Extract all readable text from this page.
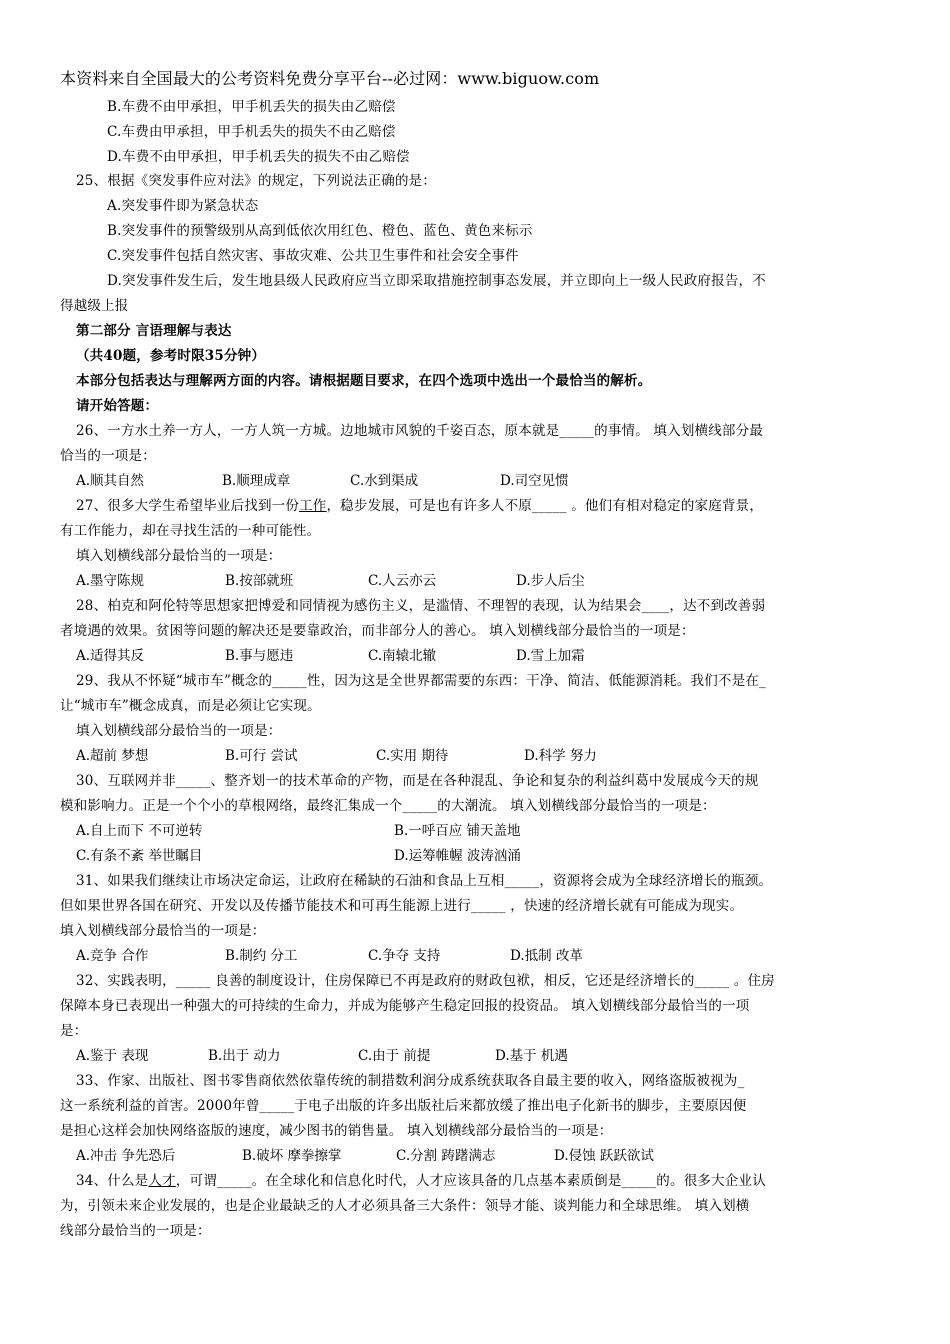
本资料来自全国最大的公考资料免费分享平台--必过网：www.biguow.com
B.车费不由甲承担，甲手机丢失的损失由乙赔偿
C.车费由甲承担，甲手机丢失的损失不由乙赔偿
D.车费不由甲承担，甲手机丢失的损失不由乙赔偿
25、根据《突发事件应对法》的规定，下列说法正确的是：
A.突发事件即为紧急状态
B.突发事件的预警级别从高到低依次用红色、橙色、蓝色、黄色来标示
C.突发事件包括自然灾害、事故灾难、公共卫生事件和社会安全事件
D.突发事件发生后，发生地县级人民政府应当立即采取措施控制事态发展，并立即向上一级人民政府报告，不
得越级上报
第二部分 言语理解与表达
（共40题，参考时限35分钟）
本部分包括表达与理解两方面的内容。请根据题目要求，在四个选项中选出一个最恰当的解析。
请开始答题：
26、一方水土养一方人，一方人筑一方城。边地城市风貌的千姿百态，原本就是_____的事情。 填入划横线部分最
恰当的一项是：
A.顺其自然	B.顺理成章	C.水到渠成	D.司空见惯
27、很多大学生希望毕业后找到一份工作，稳步发展，可是也有许多人不原_____ 。他们有相对稳定的家庭背景，
有工作能力，却在寻找生活的一种可能性。
填入划横线部分最恰当的一项是：
A.墨守陈规	B.按部就班	C.人云亦云	D.步人后尘
28、柏克和阿伦特等思想家把博爱和同情视为感伤主义，是滥情、不理智的表现，认为结果会____，达不到改善弱
者境遇的效果。贫困等问题的解决还是要靠政治，而非部分人的善心。 填入划横线部分最恰当的一项是：
A.适得其反	B.事与愿违	C.南辕北辙	D.雪上加霜
29、我从不怀疑“城市车”概念的_____性，因为这是全世界都需要的东西：干净、简洁、低能源消耗。我们不是在_
让“城市车”概念成真，而是必须让它实现。
填入划横线部分最恰当的一项是：
A.超前 梦想	B.可行 尝试	C.实用 期待	D.科学 努力
30、互联网并非_____、整齐划一的技术革命的产物，而是在各种混乱、争论和复杂的利益纠葛中发展成今天的规
模和影响力。正是一个个小的草根网络，最终汇集成一个_____的大潮流。 填入划横线部分最恰当的一项是：
A.自上而下 不可逆转	B.一呼百应 铺天盖地
C.有条不紊 举世瞩目	D.运筹帷幄 波涛汹涌
31、如果我们继续让市场决定命运，让政府在稀缺的石油和食品上互相_____，资源将会成为全球经济增长的瓶颈。
但如果世界各国在研究、开发以及传播节能技术和可再生能源上进行_____ ，快速的经济增长就有可能成为现实。
填入划横线部分最恰当的一项是：
A.竞争 合作	B.制约 分工	C.争夺 支持	D.抵制 改革
32、实践表明，_____ 良善的制度设计，住房保障已不再是政府的财政包袱，相反，它还是经济增长的_____ 。住房
保障本身已表现出一种强大的可持续的生命力，并成为能够产生稳定回报的投资品。 填入划横线部分最恰当的一项
是：
A.鉴于 表现	B.出于 动力	C.由于 前提	D.基于 机遇
33、作家、出版社、图书零售商依然依靠传统的制措数利润分成系统获取各自最主要的收入，网络盗版被视为_
这一系统利益的首害。2000年曾_____于电子出版的许多出版社后来都放缓了推出电子化新书的脚步，主要原因便
是担心这样会加快网络盗版的速度，减少图书的销售量。 填入划横线部分最恰当的一项是：
A.冲击 争先恐后	B.破坏 摩拳擦掌	C.分割 踌躇满志	D.侵蚀 跃跃欲试
34、什么是人才，可谓_____。在全球化和信息化时代，人才应该具备的几点基本素质倒是_____的。很多大企业认
为，引领未来企业发展的，也是企业最缺乏的人才必须具备三大条件：领导才能、谈判能力和全球思维。 填入划横
线部分最恰当的一项是：
